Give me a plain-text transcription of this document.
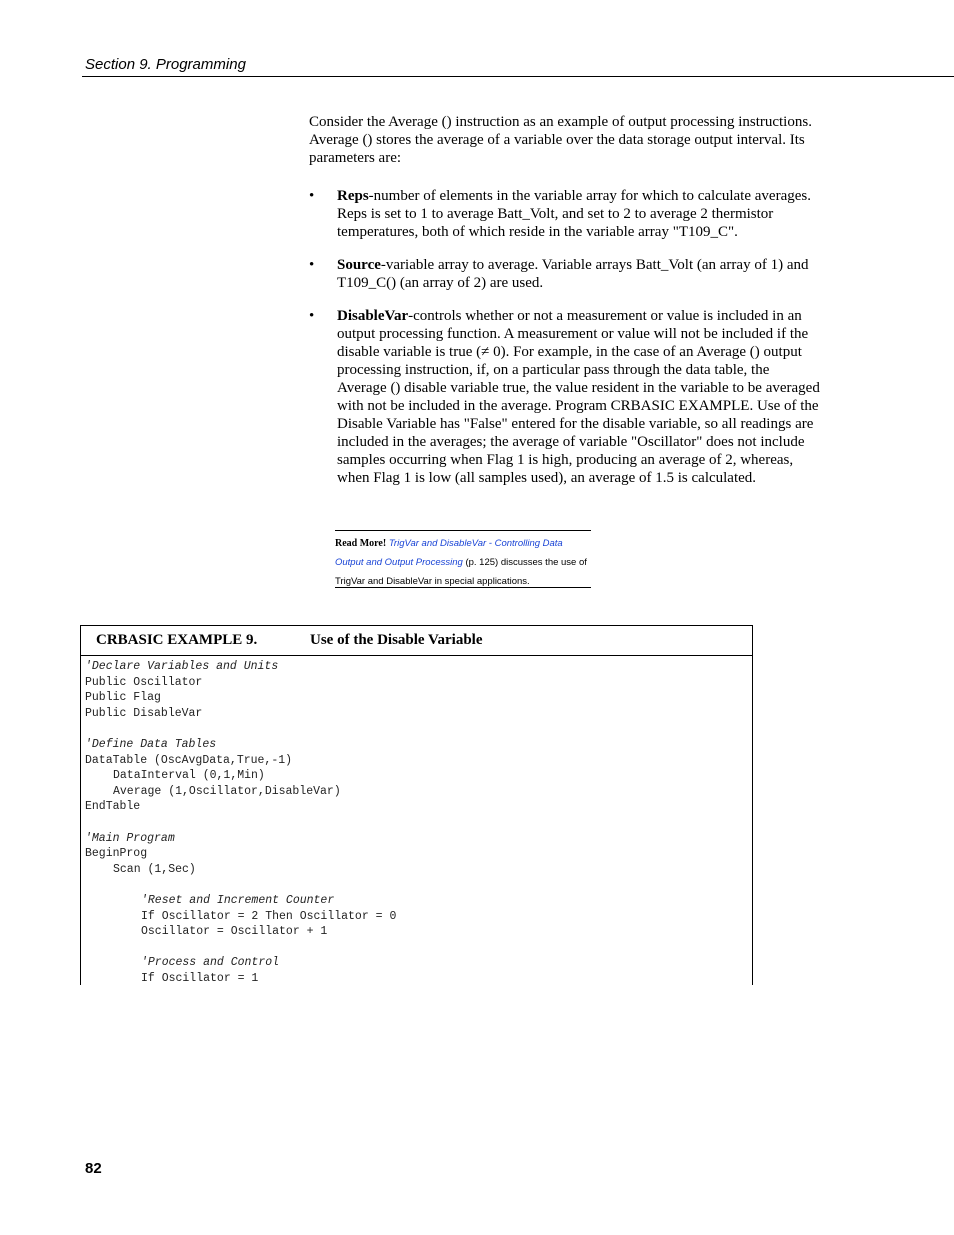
Section 9. Programming
Consider the Average () instruction as an example of output processing instructions. Average () stores the average of a variable over the data storage output interval. Its parameters are:
• Reps-number of elements in the variable array for which to calculate averages. Reps is set to 1 to average Batt_Volt, and set to 2 to average 2 thermistor temperatures, both of which reside in the variable array "T109_C".
• Source-variable array to average. Variable arrays Batt_Volt (an array of 1) and T109_C() (an array of 2) are used.
• DisableVar-controls whether or not a measurement or value is included in an output processing function. A measurement or value will not be included if the disable variable is true (≠ 0). For example, in the case of an Average () output processing instruction, if, on a particular pass through the data table, the Average () disable variable true, the value resident in the variable to be averaged with not be included in the average. Program CRBASIC EXAMPLE. Use of the Disable Variable has "False" entered for the disable variable, so all readings are included in the averages; the average of variable "Oscillator" does not include samples occurring when Flag 1 is high, producing an average of 2, whereas, when Flag 1 is low (all samples used), an average of 1.5 is calculated.
Read More! TrigVar and DisableVar - Controlling Data Output and Output Processing (p. 125) discusses the use of TrigVar and DisableVar in special applications.
CRBASIC EXAMPLE 9.	Use of the Disable Variable
'Declare Variables and Units
Public Oscillator
Public Flag
Public DisableVar
'Define Data Tables
DataTable (OscAvgData,True,-1)
DataInterval (0,1,Min)
Average (1,Oscillator,DisableVar)
EndTable
'Main Program
BeginProg
Scan (1,Sec)
'Reset and Increment Counter
If Oscillator = 2 Then Oscillator = 0
Oscillator = Oscillator + 1
'Process and Control
If Oscillator = 1
82
